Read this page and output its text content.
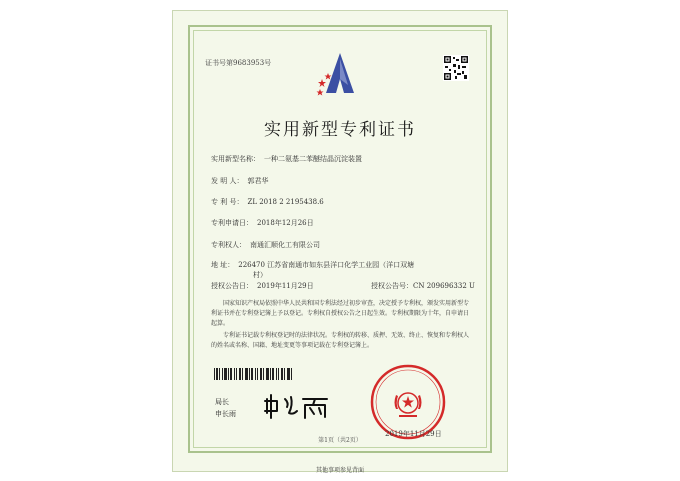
证书号第9683953号
实用新型专利证书
实用新型名称： 一种二氨基二苯醚结晶沉淀装置
发 明 人： 郭君华
专 利 号： ZL 2018 2 2195438.6
专利申请日： 2018年12月26日
专利权人： 南通汇顺化工有限公司
地 址： 226470 江苏省南通市如东县洋口化学工业园（洋口双塘
村）
授权公告日： 2019年11月29日	授权公告号：CN 209696332 U

国家知识产权局依照中华人民共和国专利法经过初步审查，决定授予专利权，颁发实用新型专利证书并在专利登记簿上予以登记。专利权自授权公告之日起生效。专利权期限为十年，自申请日起算。

专利证书记载专利权登记时的法律状况。专利权的转移、质押、无效、终止、恢复和专利权人的姓名或名称、国籍、地址变更等事项记载在专利登记簿上。

局长
申长雨
2019年11月29日
第1页（共2页）
其他事项参见背面
